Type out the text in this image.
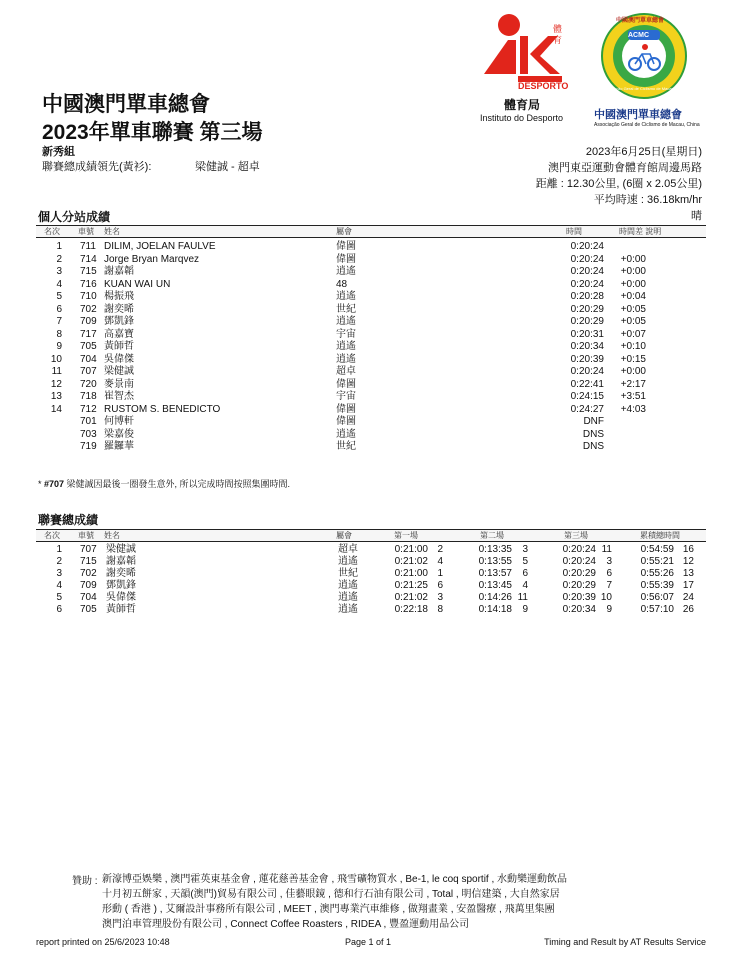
中國澳門單車總會
2023年單車聯賽 第三場
新秀組
聯賽總成績領先(黃衫):	梁健誠 - 超卓
2023年6月25日(星期日)
澳門東亞運動會體育館周邊馬路
距離 : 12.30公里, (6圈 x 2.05公里)
平均時速 : 36.18km/hr
晴
體育
DESPORTO
體育局
Instituto do Desporto
ACMC
中國澳門單車總會
Associação Geral de Ciclismo de Macau, China
中國澳門單車總會
Associação Geral de Ciclismo de Macau, China
個人分站成績
名次 車號 姓名	屬會	時間	時間差 說明
1 711 DILIM, JOELAN FAULVE	偉圖	0:20:24
2 714 Jorge Bryan Marqvez	偉圖	0:20:24	+0:00
3 715 謝嘉韜	逍遙	0:20:24	+0:00
4 716 KUAN WAI UN	48	0:20:24	+0:00
5 710 楊振飛	逍遙	0:20:28	+0:04
6 702 謝奕晞	世紀	0:20:29	+0:05
7 709 鄧凱鋒	逍遙	0:20:29	+0:05
8 717 高嘉寶	宇宙	0:20:31	+0:07
9 705 黃師哲	逍遙	0:20:34	+0:10
10 704 吳偉傑	逍遙	0:20:39	+0:15
11 707 梁健誠	超卓	0:20:24	+0:00
12 720 麥景南	偉圖	0:22:41	+2:17
13 718 崔智杰	宇宙	0:24:15	+3:51
14 712 RUSTOM S. BENEDICTO	偉圖	0:24:27	+4:03
701 何博軒	偉圖	DNF
703 梁嘉俊	逍遙	DNS
719 羅鑼華	世紀	DNS
* #707 梁健誠因最後一圈發生意外, 所以完成時間按照集團時間.
聯賽總成績
名次 車號 姓名	屬會	第一場	第二場	第三場	累積總時間
1 707 梁健誠	超卓	0:21:00 2	0:13:35	3	0:20:24 11	0:54:59 16
2 715 謝嘉韜	逍遙	0:21:02 4	0:13:55	5	0:20:24	3	0:55:21 12
3 702 謝奕晞	世紀	0:21:00 1	0:13:57	6	0:20:29	6	0:55:26 13
4 709 鄧凱鋒	逍遙	0:21:25 6	0:13:45	4	0:20:29	7	0:55:39 17
5 704 吳偉傑	逍遙	0:21:02 3	0:14:26 11	0:20:39 10	0:56:07 24
6 705 黃師哲	逍遙	0:22:18 8	0:14:18	9	0:20:34	9	0:57:10 26
贊助 : 新濠博亞娛樂 , 澳門霍英東基金會 , 蓮花慈善基金會 , 飛雪礦物質水 , Be-1, le coq sportif , 水動樂運動飲品
十月初五餅家 , 天韻(澳門)貿易有限公司 , 佳藝眼鏡 , 德和行石油有限公司 , Total , 明信建築 , 大自然家居
形動 ( 香港 ) , 艾爾設計事務所有限公司 , MEET , 澳門專業汽車維修 , 做翔畫業 , 安盈醫療 , 飛萬里集團
澳門泊車管理股份有限公司 , Connect Coffee Roasters , RIDEA , 豐盈運動用品公司
report printed on 25/6/2023 10:48	Page 1 of 1	Timing and Result by AT Results Service
